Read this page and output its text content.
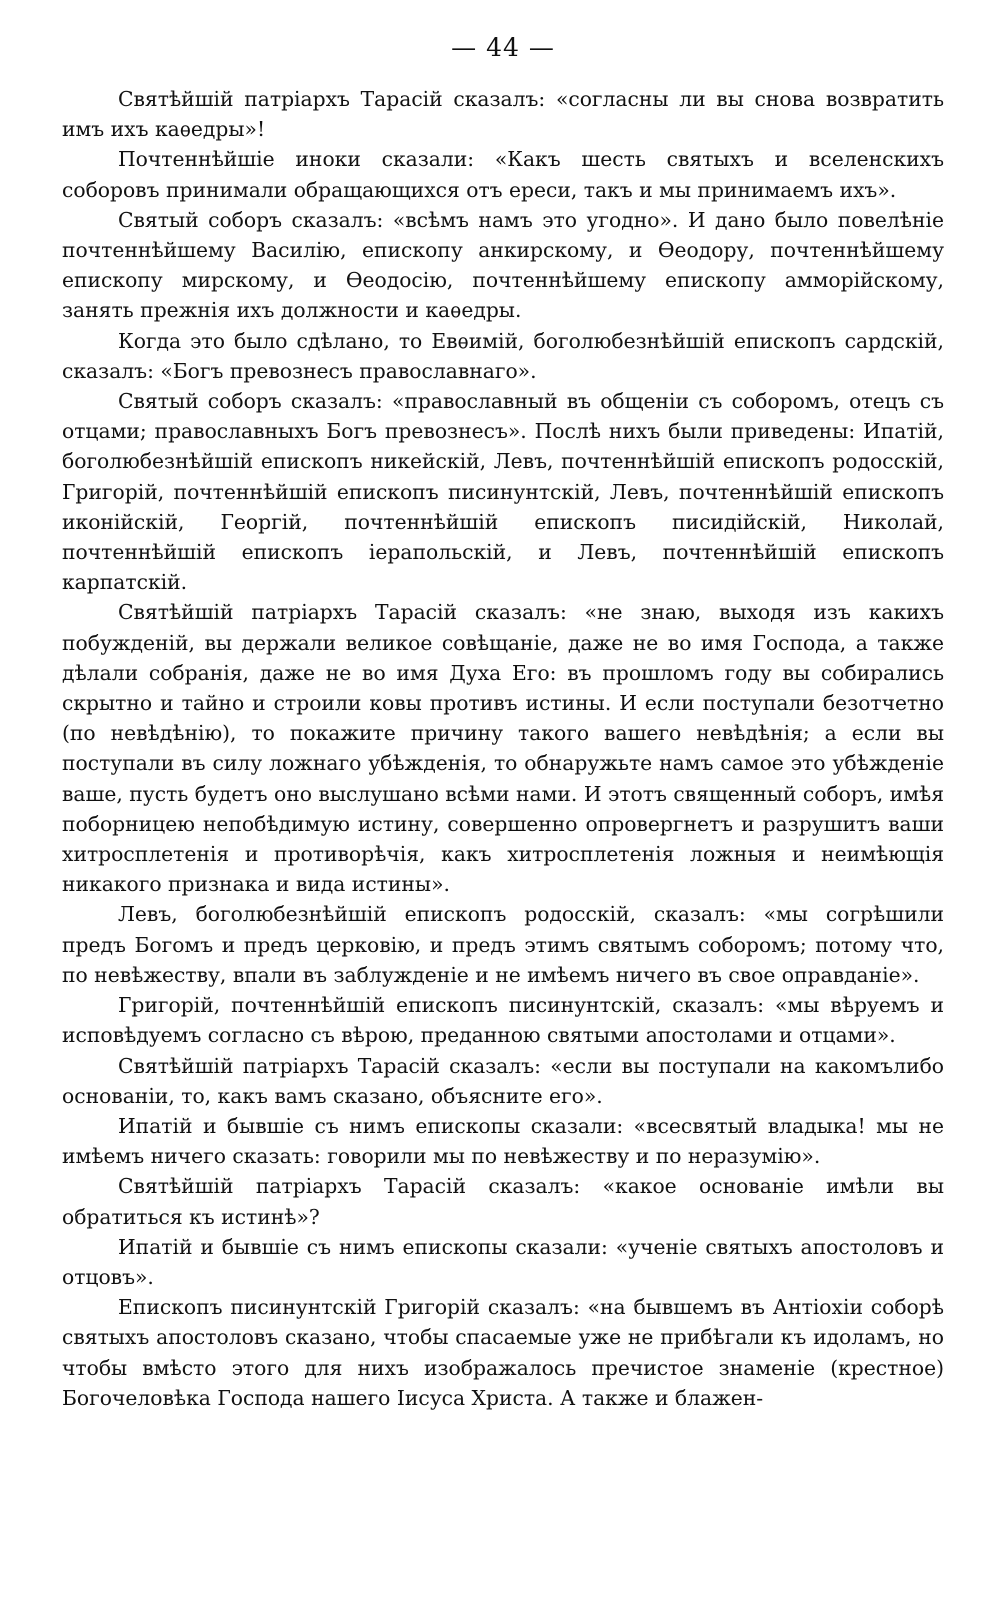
— 44 —

Святѣйшій патріархъ Тарасій сказалъ: «согласны ли вы снова возвратить имъ ихъ каѳедры»!

Почтеннѣйшіе иноки сказали: «Какъ шесть святыхъ и вселенскихъ соборовъ принимали обращающихся отъ ереси, такъ и мы принимаемъ ихъ».

Святый соборъ сказалъ: «всѣмъ намъ это угодно». И дано было повелѣніе почтеннѣйшему Василію, епископу анкирскому, и Ѳеодору, почтеннѣйшему епископу мирскому, и Ѳеодосію, почтеннѣйшему епископу амморійскому, занять прежнія ихъ должности и каѳедры.

Когда это было сдѣлано, то Евѳимій, боголюбезнѣйшій епископъ сардскій, сказалъ: «Богъ превознесъ православнаго».

Святый соборъ сказалъ: «православный въ общеніи съ соборомъ, отецъ съ отцами; православныхъ Богъ превознесъ». Послѣ нихъ были приведены: Ипатій, боголюбезнѣйшій епископъ никейскій, Левъ, почтеннѣйшій епископъ родосскій, Григорій, почтеннѣйшій епископъ писинунтскій, Левъ, почтеннѣйшій епископъ иконійскій, Георгій, почтеннѣйшій епископъ писидійскій, Николай, почтеннѣйшій епископъ іерапольскій, и Левъ, почтеннѣйшій епископъ карпатскій.

Святѣйшій патріархъ Тарасій сказалъ: «не знаю, выходя изъ какихъ побужденій, вы держали великое совѣщаніе, даже не во имя Господа, а также дѣлали собранія, даже не во имя Духа Его: въ прошломъ году вы собирались скрытно и тайно и строили ковы противъ истины. И если поступали безотчетно (по невѣдѣнію), то покажите причину такого вашего невѣдѣнія; а если вы поступали въ силу ложнаго убѣжденія, то обнаружьте намъ самое это убѣжденіе ваше, пусть будетъ оно выслушано всѣми нами. И этотъ священный соборъ, имѣя поборницею непобѣдимую истину, совершенно опровергнетъ и разрушитъ ваши хитросплетенія и противорѣчія, какъ хитросплетенія ложныя и неимѣющія никакого признака и вида истины».

Левъ, боголюбезнѣйшій епископъ родосскій, сказалъ: «мы согрѣшили предъ Богомъ и предъ церковію, и предъ этимъ святымъ соборомъ; потому что, по невѣжеству, впали въ заблужденіе и не имѣемъ ничего въ свое оправданіе».

Григорій, почтеннѣйшій епископъ писинунтскій, сказалъ: «мы вѣруемъ и исповѣдуемъ согласно съ вѣрою, преданною святыми апостолами и отцами».

Святѣйшій патріархъ Тарасій сказалъ: «если вы поступали на какомълибо основаніи, то, какъ вамъ сказано, объясните его».

Ипатій и бывшіе съ нимъ епископы сказали: «всесвятый владыка! мы не имѣемъ ничего сказать: говорили мы по невѣжеству и по неразумію».

Святѣйшій патріархъ Тарасій сказалъ: «какое основаніе имѣли вы обратиться къ истинѣ»?

Ипатій и бывшіе съ нимъ епископы сказали: «ученіе святыхъ апостоловъ и отцовъ».

Епископъ писинунтскій Григорій сказалъ: «на бывшемъ въ Антіохіи соборѣ святыхъ апостоловъ сказано, чтобы спасаемые уже не прибѣгали къ идоламъ, но чтобы вмѣсто этого для нихъ изображалось пречистое знаменіе (крестное) Богочеловѣка Господа нашего Іисуса Христа. А также и блажен-
